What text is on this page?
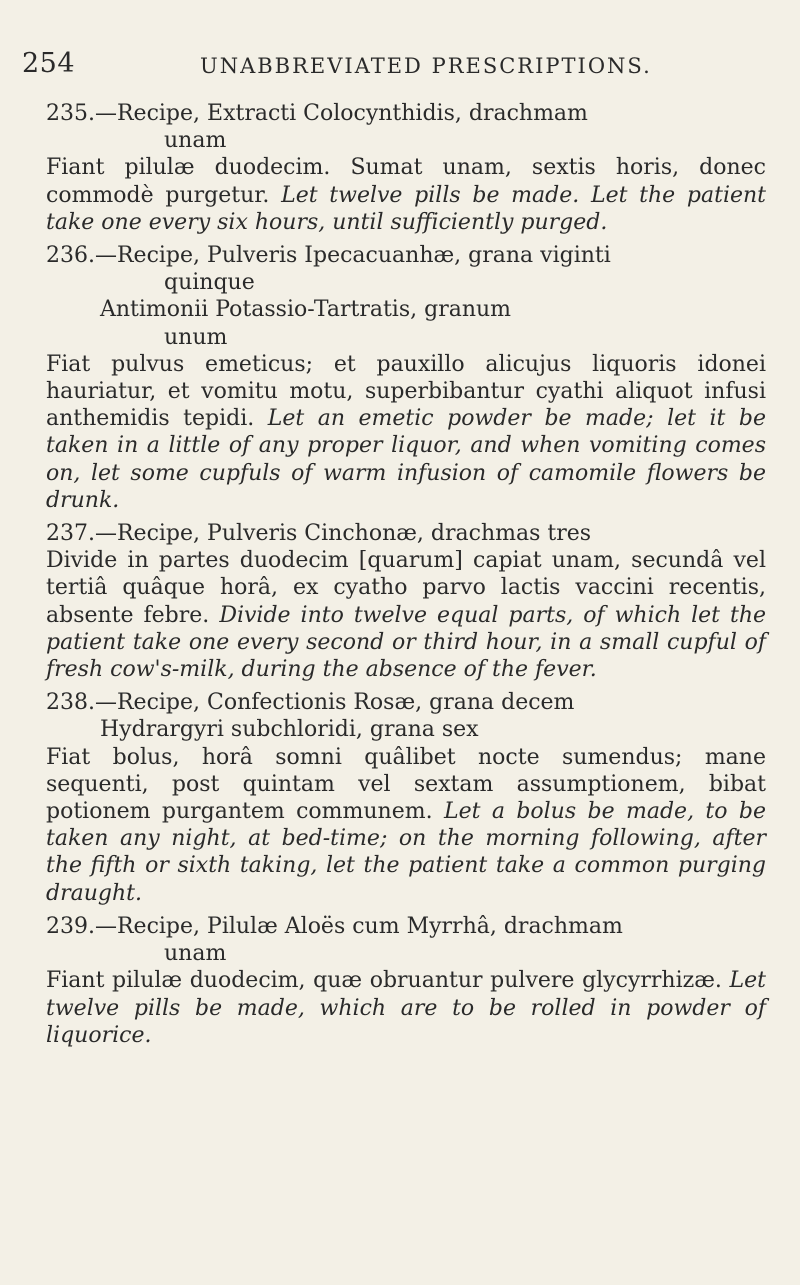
254	UNABBREVIATED PRESCRIPTIONS.

235.—Recipe, Extracti Colocynthidis, drachmam

unam

Fiant pilulæ duodecim. Sumat unam, sextis horis, donec commodè purgetur. Let twelve pills be made. Let the patient take one every six hours, until sufficiently purged.

236.—Recipe, Pulveris Ipecacuanhæ, grana viginti

quinque

Antimonii Potassio-Tartratis, granum

unum

Fiat pulvus emeticus; et pauxillo alicujus liquoris idonei hauriatur, et vomitu motu, superbibantur cyathi aliquot infusi anthemidis tepidi. Let an emetic powder be made; let it be taken in a little of any proper liquor, and when vomiting comes on, let some cupfuls of warm infusion of camomile flowers be drunk.

237.—Recipe, Pulveris Cinchonæ, drachmas tres

Divide in partes duodecim [quarum] capiat unam, secundâ vel tertiâ quâque horâ, ex cyatho parvo lactis vaccini recentis, absente febre. Divide into twelve equal parts, of which let the patient take one every second or third hour, in a small cupful of fresh cow's-milk, during the absence of the fever.

238.—Recipe, Confectionis Rosæ, grana decem

Hydrargyri subchloridi, grana sex

Fiat bolus, horâ somni quâlibet nocte sumendus; mane sequenti, post quintam vel sextam assumptionem, bibat potionem purgantem communem. Let a bolus be made, to be taken any night, at bed-time; on the morning following, after the fifth or sixth taking, let the patient take a common purging draught.

239.—Recipe, Pilulæ Aloës cum Myrrhâ, drachmam

unam

Fiant pilulæ duodecim, quæ obruantur pulvere glycyrrhizæ. Let twelve pills be made, which are to be rolled in powder of liquorice.
